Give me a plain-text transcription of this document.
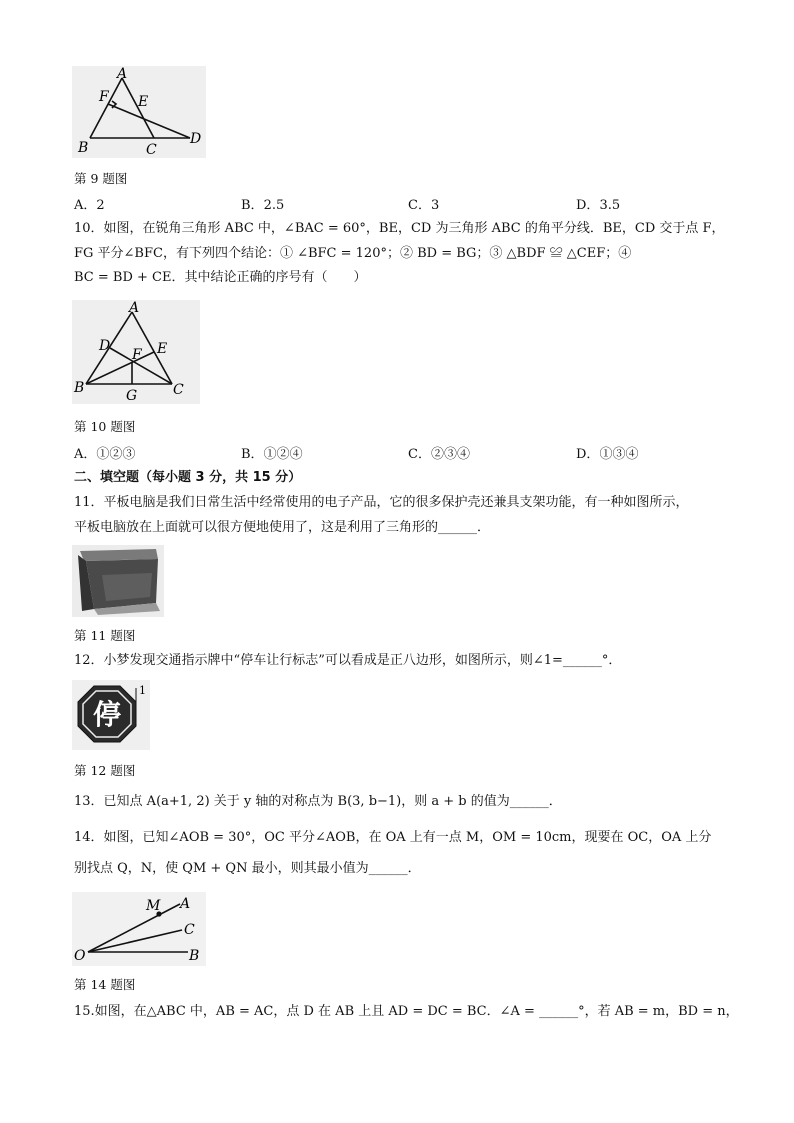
A
F E
B	C
D
第 9 题图
A．2	B．2.5	C．3	D．3.5
10．如图，在锐角三角形 ABC 中，∠BAC = 60°，BE，CD 为三角形 ABC 的角平分线．BE，CD 交于点 F，
FG 平分∠BFC，有下列四个结论：① ∠BFC = 120°；② BD = BG；③ △BDF ≌ △CEF；④
BC = BD + CE．其中结论正确的序号有（　　）
A
D
F E
B	G	C
第 10 题图
A．①②③	B．①②④	C．②③④	D．①③④
二、填空题（每小题 3 分，共 15 分）
11．平板电脑是我们日常生活中经常使用的电子产品，它的很多保护壳还兼具支架功能，有一种如图所示，
平板电脑放在上面就可以很方便地使用了，这是利用了三角形的______．
第 11 题图
12．小梦发现交通指示牌中“停车让行标志”可以看成是正八边形，如图所示，则∠1=______°．
停
1
第 12 题图
13．已知点 A(a+1, 2) 关于 y 轴的对称点为 B(3, b−1)，则 a + b 的值为______．
14．如图，已知∠AOB = 30°，OC 平分∠AOB，在 OA 上有一点 M，OM = 10cm，现要在 OC，OA 上分
别找点 Q，N，使 QM + QN 最小，则其最小值为______．
M A
C
O	B
第 14 题图
15.如图，在△ABC 中，AB = AC，点 D 在 AB 上且 AD = DC = BC．∠A = ______°，若 AB = m，BD = n，
